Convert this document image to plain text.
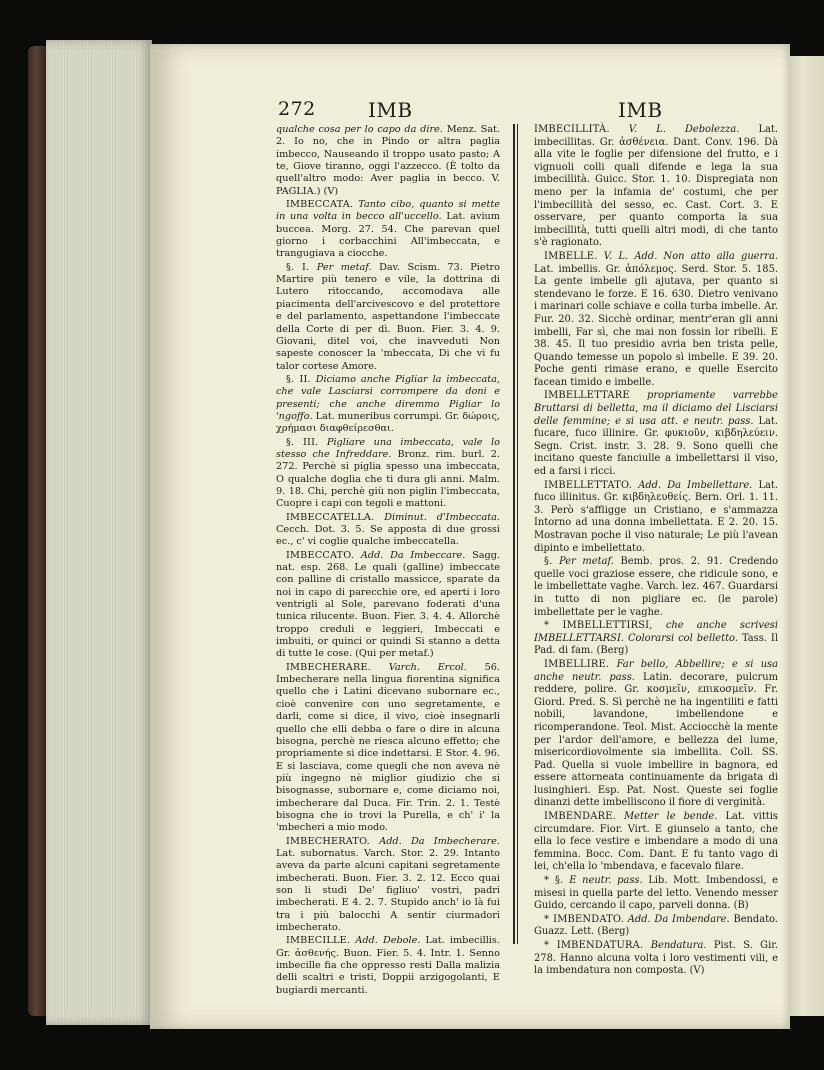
272	IMB	IMB

qualche cosa per lo capo da dire. Menz. Sat. 2. Io no, che in Pindo or altra paglia imbecco, Nauseando il troppo usato pasto; A te, Giove tiranno, oggi l'azzecco. (È tolto da quell'altro modo: Aver paglia in becco. V. PAGLIA.) (V)

IMBECCATA. Tanto cibo, quanto si mette in una volta in becco all'uccello. Lat. avium buccea. Morg. 27. 54. Che parevan quel giorno i corbacchini All'imbeccata, e trangugiava a ciocche.

§. I. Per metaf. Dav. Scism. 73. Pietro Martire più tenero e vile, la dottrina di Lutero ritoccando, accomodava alle piacimenta dell'arcivescovo e del protettore e del parlamento, aspettandone l'imbeccate della Corte di per dì. Buon. Fier. 3. 4. 9. Giovani, ditel voi, che inavveduti Non sapeste conoscer la 'mbeccata, Di che vi fu talor cortese Amore.

§. II. Diciamo anche Pigliar la imbeccata, che vale Lasciarsi corrompere da doni e presenti; che anche diremmo Pigliar lo 'ngoffo. Lat. muneribus corrumpi. Gr. δώροις, χρήμασι διαφθείρεσθαι.

§. III. Pigliare una imbeccata, vale lo stesso che Infreddare. Bronz. rim. burl. 2. 272. Perchè si piglia spesso una imbeccata, O qualche doglia che ti dura gli anni. Malm. 9. 18. Chi, perchè giù non piglin l'imbeccata, Cuopre i capi con tegoli e mattoni.

IMBECCATELLA. Diminut. d'Imbeccata. Cecch. Dot. 3. 5. Se apposta di due grossi ec., c' vi coglie qualche imbeccatella.

IMBECCATO. Add. Da Imbeccare. Sagg. nat. esp. 268. Le quali (galline) imbeccate con palline di cristallo massicce, sparate da noi in capo di parecchie ore, ed aperti i loro ventrigli al Sole, parevano foderati d'una tunica rilucente. Buon. Fier. 3. 4. 4. Allorchè troppo creduli e leggieri, Imbeccati e imbuiti, or quinci or quindi Si stanno a detta di tutte le cose. (Qui per metaf.)

IMBECHERARE. Varch. Ercol. 56. Imbecherare nella lingua fiorentina significa quello che i Latini dicevano subornare ec., cioè convenire con uno segretamente, e darli, come si dice, il vivo, cioè insegnarli quello che elli debba o fare o dire in alcuna bisogna, perchè ne riesca alcuno effetto; che propriamente si dice indettarsi. E Stor. 4. 96. E si lasciava, come quegli che non aveva nè più ingegno nè miglior giudizio che si bisognasse, subornare e, come diciamo noi, imbecherare dal Duca. Fir. Trin. 2. 1. Testè bisogna che io trovi la Purella, e ch' i' la 'mbecheri a mio modo.

IMBECHERATO. Add. Da Imbecherare. Lat. subornatus. Varch. Stor. 2. 29. Intanto aveva da parte alcuni capitani segretamente imbecherati. Buon. Fier. 3. 2. 12. Ecco quai son li studi De' figliuo' vostri, padri imbecherati. E 4. 2. 7. Stupido anch' io là fui tra i più balocchi A sentir ciurmadori imbecherato.

IMBECILLE. Add. Debole. Lat. imbecillis. Gr. ἀσθενής. Buon. Fier. 5. 4. Intr. 1. Senno imbecille fia che oppresso resti Dalla malizia delli scaltri e tristi, Doppii arzigogolanti, E bugiardi mercanti.

IMBECILLITÀ. V. L. Debolezza. Lat. imbecillitas. Gr. ἀσθένεια. Dant. Conv. 196. Dà alla vite le foglie per difensione del frutto, e i vignuoli colli quali difende e lega la sua imbecillità. Guicc. Stor. 1. 10. Dispregiata non meno per la infamia de' costumi, che per l'imbecillità del sesso, ec. Cast. Cort. 3. E osservare, per quanto comporta la sua imbecillità, tutti quelli altri modi, di che tanto s'è ragionato.

IMBELLE. V. L. Add. Non atto alla guerra. Lat. imbellis. Gr. ἀπόλεμος. Serd. Stor. 5. 185. La gente imbelle gli ajutava, per quanto si stendevano le forze. E 16. 630. Dietro venivano i marinari colle schiave e colla turba imbelle. Ar. Fur. 20. 32. Sicchè ordinar, mentr'eran gli anni imbelli, Far sì, che mai non fossin lor ribelli. E 38. 45. Il tuo presidio avria ben trista pelle, Quando temesse un popolo sì imbelle. E 39. 20. Poche genti rimase erano, e quelle Esercito facean timido e imbelle.

IMBELLETTARE propriamente varrebbe Bruttarsi di belletta, ma il diciamo del Lisciarsi delle femmine; e si usa att. e neutr. pass. Lat. fucare, fuco illinire. Gr. φυκιοῦν, κιβδηλεύειν. Segn. Crist. instr. 3. 28. 9. Sono quelli che incitano queste fanciulle a imbellettarsi il viso, ed a farsi i ricci.

IMBELLETTATO. Add. Da Imbellettare. Lat. fuco illinitus. Gr. κιβδηλευθείς. Bern. Orl. 1. 11. 3. Però s'affligge un Cristiano, e s'ammazza Intorno ad una donna imbellettata. E 2. 20. 15. Mostravan poche il viso naturale; Le più l'avean dipinto e imbellettato.

§. Per metaf. Bemb. pros. 2. 91. Credendo quelle voci graziose essere, che ridicule sono, e le imbellettate vaghe. Varch. lez. 467. Guardarsi in tutto di non pigliare ec. (le parole) imbellettate per le vaghe.

* IMBELLETTIRSI, che anche scrivesi IMBELLETTARSI. Colorarsi col belletto. Tass. Il Pad. di fam. (Berg)

IMBELLIRE. Far bello, Abbellire; e si usa anche neutr. pass. Latin. decorare, pulcrum reddere, polire. Gr. κοσμεῖν, επικοσμεῖν. Fr. Giord. Pred. S. Sì perchè ne ha ingentiliti e fatti nobili, lavandone, imbellendone e ricomperandone. Teol. Mist. Acciocchè la mente per l'ardor dell'amore, e bellezza del lume, misericordiovolmente sia imbellita. Coll. SS. Pad. Quella si vuole imbellire in bagnora, ed essere attorneata continuamente da brigata di lusinghieri. Esp. Pat. Nost. Queste sei foglie dinanzi dette imbelliscono il fiore di verginità.

IMBENDARE. Metter le bende. Lat. vittis circumdare. Fior. Virt. E giunselo a tanto, che ella lo fece vestire e imbendare a modo di una femmina. Bocc. Com. Dant. E fu tanto vago di lei, ch'ella lo 'mbendava, e facevalo filare.

* §. E neutr. pass. Lib. Mott. Imbendossi, e misesi in quella parte del letto. Venendo messer Guido, cercando il capo, parveli donna. (B)

* IMBENDATO. Add. Da Imbendare. Bendato. Guazz. Lett. (Berg)

* IMBENDATURA. Bendatura. Pist. S. Gir. 278. Hanno alcuna volta i loro vestimenti vili, e la imbendatura non composta. (V)
